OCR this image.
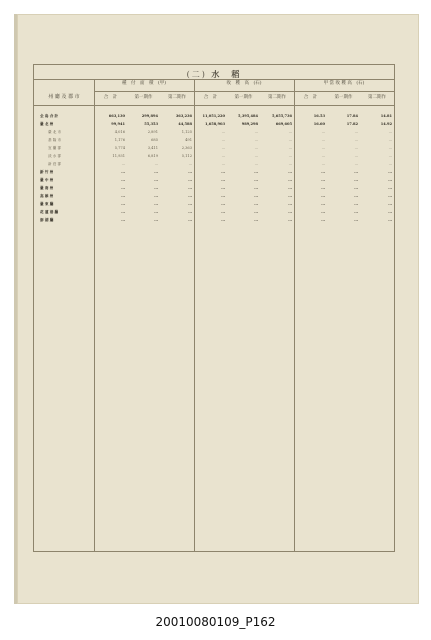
(二) 水　稻
州 廳 及 郡 市
種　付　面　積　(甲)	收　穫　高　(石)	甲 當 收 穫 高　(石)
合　計	第一期作	第二期作	合　計	第一期作	第二期作	合　計	第一期作	第二期作
全 島 合 計	663,130	299,894	363,236	11,051,220	5,395,484	5,655,736	16.53	17.84	14.81
臺 北 州	99,941	55,353	44,588	1,658,903	989,298	669,605	16.60	17.82	14.92
臺 北 市	4,016	2,891	1,125	...	...	...	...	...	...
基 隆 市	1,176	685	491	...	...	...	...	...	...
宜 蘭 郡	5,774	3,411	2,363	...	...	...	...	...	...
淡 水 郡	11,931	6,819	5,112	...	...	...	...	...	...
新 莊 郡	...	...	...	...	...	...	...	...	...
新 竹 州	...	...	...	...	...	...	...	...	...
臺 中 州	...	...	...	...	...	...	...	...	...
臺 南 州	...	...	...	...	...	...	...	...	...
高 雄 州	...	...	...	...	...	...	...	...	...
臺 東 廳	...	...	...	...	...	...	...	...	...
花 蓮 港 廳	...	...	...	...	...	...	...	...	...
澎 湖 廳	...	...	...	...	...	...	...	...	...
20010080109_P162
